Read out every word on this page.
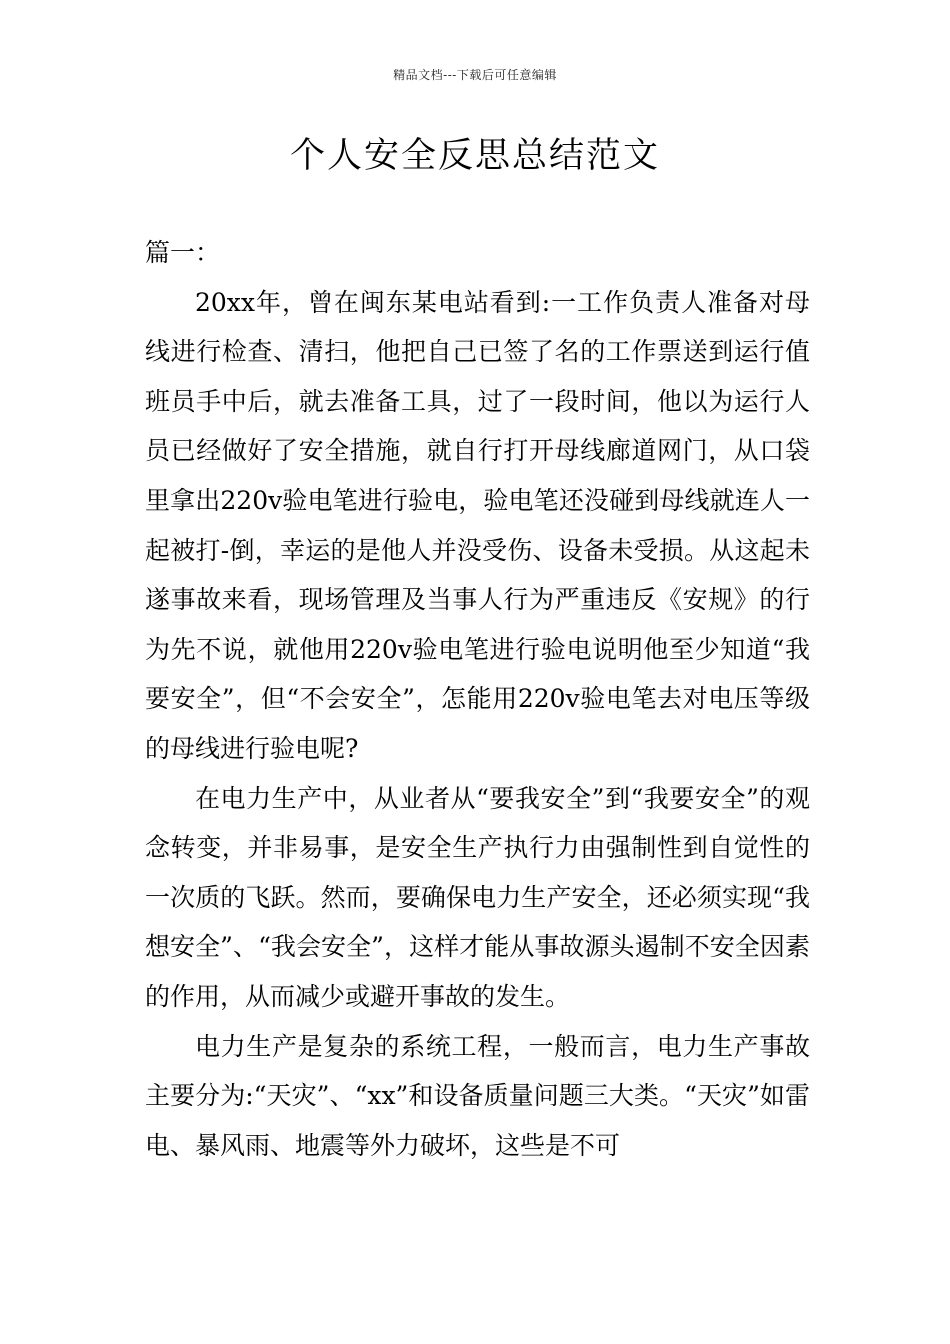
精品文档---下载后可任意编辑
个人安全反思总结范文

篇一：

20xx年，曾在闽东某电站看到:一工作负责人准备对母线进行检查、清扫，他把自己已签了名的工作票送到运行值班员手中后，就去准备工具，过了一段时间，他以为运行人员已经做好了安全措施，就自行打开母线廊道网门，从口袋里拿出220v验电笔进行验电，验电笔还没碰到母线就连人一起被打-倒，幸运的是他人并没受伤、设备未受损。从这起未遂事故来看，现场管理及当事人行为严重违反《安规》的行为先不说，就他用220v验电笔进行验电说明他至少知道“我要安全”，但“不会安全”，怎能用220v验电笔去对电压等级的母线进行验电呢?

在电力生产中，从业者从“要我安全”到“我要安全”的观念转变，并非易事，是安全生产执行力由强制性到自觉性的一次质的飞跃。然而，要确保电力生产安全，还必须实现“我想安全”、“我会安全”，这样才能从事故源头遏制不安全因素的作用，从而减少或避开事故的发生。

电力生产是复杂的系统工程，一般而言，电力生产事故主要分为:“天灾”、“xx”和设备质量问题三大类。“天灾”如雷电、暴风雨、地震等外力破坏，这些是不可
